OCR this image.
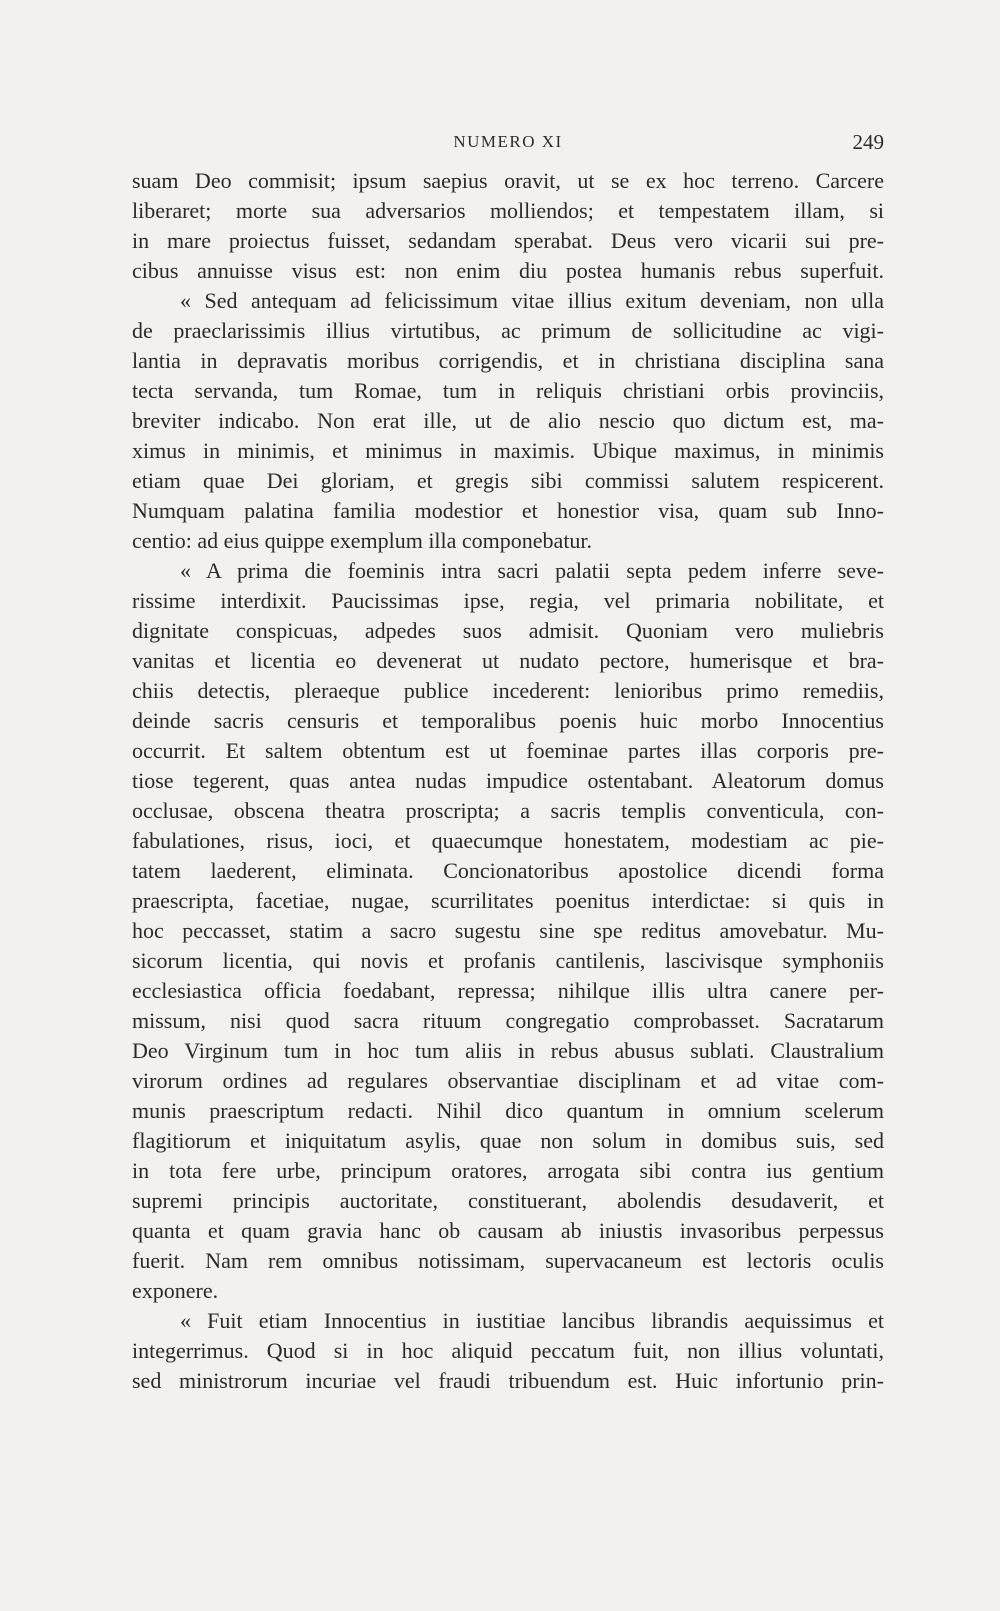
NUMERO XI	249
suam Deo commisit; ipsum saepius oravit, ut se ex hoc terreno. Carcere
liberaret; morte sua adversarios molliendos; et tempestatem illam, si
in mare proiectus fuisset, sedandam sperabat. Deus vero vicarii sui pre-
cibus annuisse visus est: non enim diu postea humanis rebus superfuit.
« Sed antequam ad felicissimum vitae illius exitum deveniam, non ulla
de praeclarissimis illius virtutibus, ac primum de sollicitudine ac vigi-
lantia in depravatis moribus corrigendis, et in christiana disciplina sana
tecta servanda, tum Romae, tum in reliquis christiani orbis provinciis,
breviter indicabo. Non erat ille, ut de alio nescio quo dictum est, ma-
ximus in minimis, et minimus in maximis. Ubique maximus, in minimis
etiam quae Dei gloriam, et gregis sibi commissi salutem respicerent.
Numquam palatina familia modestior et honestior visa, quam sub Inno-
centio: ad eius quippe exemplum illa componebatur.
« A prima die foeminis intra sacri palatii septa pedem inferre seve-
rissime interdixit. Paucissimas ipse, regia, vel primaria nobilitate, et
dignitate conspicuas, adpedes suos admisit. Quoniam vero muliebris
vanitas et licentia eo devenerat ut nudato pectore, humerisque et bra-
chiis detectis, pleraeque publice incederent: lenioribus primo remediis,
deinde sacris censuris et temporalibus poenis huic morbo Innocentius
occurrit. Et saltem obtentum est ut foeminae partes illas corporis pre-
tiose tegerent, quas antea nudas impudice ostentabant. Aleatorum domus
occlusae, obscena theatra proscripta; a sacris templis conventicula, con-
fabulationes, risus, ioci, et quaecumque honestatem, modestiam ac pie-
tatem laederent, eliminata. Concionatoribus apostolice dicendi forma
praescripta, facetiae, nugae, scurrilitates poenitus interdictae: si quis in
hoc peccasset, statim a sacro sugestu sine spe reditus amovebatur. Mu-
sicorum licentia, qui novis et profanis cantilenis, lascivisque symphoniis
ecclesiastica officia foedabant, repressa; nihilque illis ultra canere per-
missum, nisi quod sacra rituum congregatio comprobasset. Sacratarum
Deo Virginum tum in hoc tum aliis in rebus abusus sublati. Claustralium
virorum ordines ad regulares observantiae disciplinam et ad vitae com-
munis praescriptum redacti. Nihil dico quantum in omnium scelerum
flagitiorum et iniquitatum asylis, quae non solum in domibus suis, sed
in tota fere urbe, principum oratores, arrogata sibi contra ius gentium
supremi principis auctoritate, constituerant, abolendis desudaverit, et
quanta et quam gravia hanc ob causam ab iniustis invasoribus perpessus
fuerit. Nam rem omnibus notissimam, supervacaneum est lectoris oculis
exponere.
« Fuit etiam Innocentius in iustitiae lancibus librandis aequissimus et
integerrimus. Quod si in hoc aliquid peccatum fuit, non illius voluntati,
sed ministrorum incuriae vel fraudi tribuendum est. Huic infortunio prin-
